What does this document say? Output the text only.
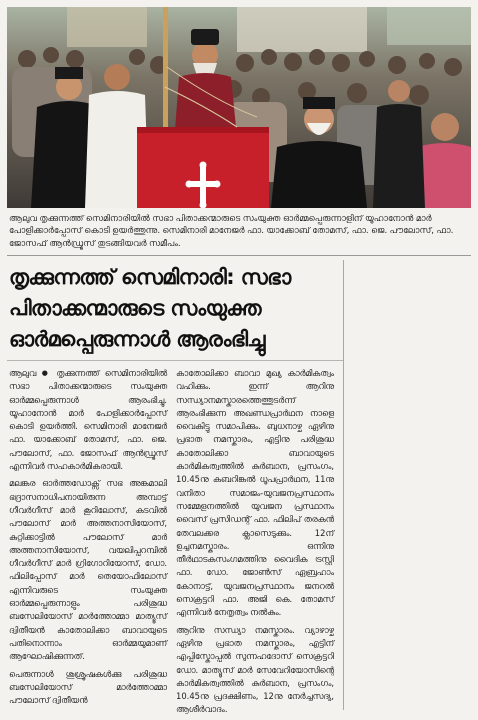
ആലുവ തൃക്കുന്നത്ത് സെമിനാരിയിൽ സഭാ പിതാക്കന്മാരുടെ സംയുക്ത ഓർമ്മപ്പെരുന്നാളിന് യൂഹാനോൻ മാർ പോളിക്കാർപ്പോസ് കൊടി ഉയർത്തുന്നു. സെമിനാരി മാനേജർ ഫാ. യാക്കോബ് തോമസ്, ഫാ. ജെ. പൗലോസ്, ഫാ. ജോസഫ് ആൻഡ്രൂസ് തുടങ്ങിയവർ സമീപം.
തൃക്കുന്നത്ത് സെമിനാരി: സഭാ പിതാക്കന്മാരുടെ സംയുക്ത ഓർമപ്പെരുന്നാൾ ആരംഭിച്ചു

ആലുവ ● തൃക്കുന്നത്ത് സെമിനാരിയിൽ സഭാ പിതാക്കന്മാരുടെ സംയുക്ത ഓർമ്മപ്പെരുന്നാൾ ആരംഭിച്ചു. യൂഹാനോൻ മാർ പോളിക്കാർപ്പോസ് കൊടി ഉയർത്തി. സെമിനാരി മാനേജർ ഫാ. യാക്കോബ് തോമസ്, ഫാ. ജെ. പൗലോസ്, ഫാ. ജോസഫ് ആൻഡ്രൂസ് എന്നിവർ സഹകാർമികരായി.

മലങ്കര ഓർത്തഡോക്സ് സഭ അങ്കമാലി ഭദ്രാസനാധിപനായിരുന്ന അമ്പാട്ട് ഗീവർഗീസ് മാർ കൂറിലോസ്, കടവിൽ പൗലോസ് മാർ അത്തനാസിയോസ്, കുറ്റിക്കാട്ടിൽ പൗലോസ് മാർ അത്തനാസിയോസ്, വയലിപ്പറമ്പിൽ ഗീവർഗീസ് മാർ ഗ്രിഗോറിയോസ്, ഡോ. ഫിലിപ്പോസ് മാർ തെയോഫിലോസ് എന്നിവരുടെ സംയുക്ത ഓർമ്മപ്പെരുന്നാളും പരിശുദ്ധ ബസേലിയോസ് മാർത്തോമ്മാ മാത്യൂസ് ദ്വിതീയൻ കാതോലിക്കാ ബാവായുടെ പതിനൊന്നാം ഓർമ്മയുമാണ് ആഘോഷിക്കുന്നത്.

പെരുന്നാൾ ശുശ്രൂഷകൾക്കു പരിശുദ്ധ ബസേലിയോസ് മാർത്തോമ്മാ പൗലോസ് ദ്വിതീയൻ

കാതോലിക്കാ ബാവാ മുഖ്യ കാർമികത്വം വഹിക്കും. ഇന്ന് ആറിനു സന്ധ്യാനമസ്കാരത്തെത്തുടർന്ന് ആരംഭിക്കുന്ന അഖണ്ഡപ്രാർഥന നാളെ വൈകിട്ടു സമാപിക്കും. ബുധനാഴ്ച ഏഴിനു പ്രഭാത നമസ്കാരം, എട്ടിനു പരിശുദ്ധ കാതോലിക്കാ ബാവായുടെ കാർമികത്വത്തിൽ കുർബാന, പ്രസംഗം, 10.45നു കബറിങ്കൽ ധൂപപ്രാർഥന, 11നു വനിതാ സമാജം-യുവജനപ്രസ്ഥാനം സമ്മേളനത്തിൽ യുവജന പ്രസ്ഥാനം വൈസ് പ്രസിഡന്റ് ഫാ. ഫിലിപ് തരകൻ തേവലക്കര ക്ലാസെടുക്കും. 12ന് ഉച്ചനമസ്കാരം. ഒന്നിനു തീർഥാടകസംഗമത്തിനു വൈദിക ട്രസ്റ്റി ഫാ. ഡോ. ജോൺസ് ഏബ്രഹാം കോനാട്ട്, യുവജനപ്രസ്ഥാനം ജനറൽ സെക്രട്ടറി ഫാ. അജി കെ. തോമസ് എന്നിവർ നേതൃത്വം നൽകും.

ആറിനു സന്ധ്യാ നമസ്കാരം. വ്യാഴാഴ്ച ഏഴിനു പ്രഭാത നമസ്കാരം, എട്ടിന് എപ്പിസ്കോപ്പൽ സുന്നഹദോസ് സെക്രട്ടറി ഡോ. മാത്യൂസ് മാർ സേവേറിയോസിന്റെ കാർമികത്വത്തിൽ കുർബാന, പ്രസംഗം, 10.45നു പ്രദക്ഷിണം, 12നു നേർച്ചസദ്യ, ആശീർവാദം.
